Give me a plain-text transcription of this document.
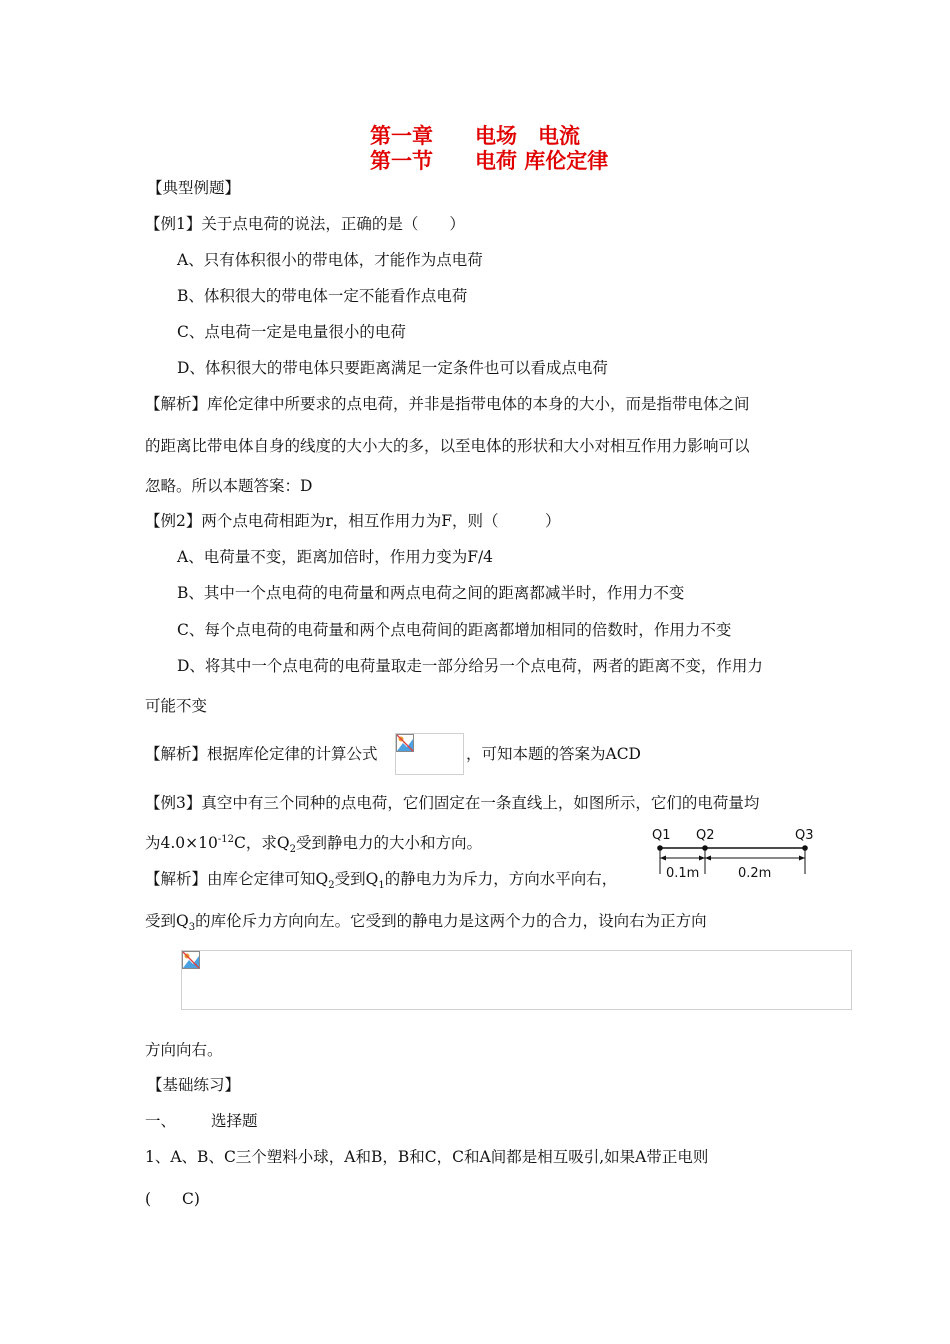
第一章　　电场　电流
第一节　　电荷 库伦定律
【典型例题】
【例1】关于点电荷的说法，正确的是（　　）
A、只有体积很小的带电体，才能作为点电荷
B、体积很大的带电体一定不能看作点电荷
C、点电荷一定是电量很小的电荷
D、体积很大的带电体只要距离满足一定条件也可以看成点电荷
【解析】库伦定律中所要求的点电荷，并非是指带电体的本身的大小，而是指带电体之间
的距离比带电体自身的线度的大小大的多，以至电体的形状和大小对相互作用力影响可以
忽略。所以本题答案：D
【例2】两个点电荷相距为r，相互作用力为F，则（　　　）
A、电荷量不变，距离加倍时，作用力变为F/4
B、其中一个点电荷的电荷量和两点电荷之间的距离都减半时，作用力不变
C、每个点电荷的电荷量和两个点电荷间的距离都增加相同的倍数时，作用力不变
D、将其中一个点电荷的电荷量取走一部分给另一个点电荷，两者的距离不变，作用力
可能不变
【解析】根据库伦定律的计算公式	，可知本题的答案为ACD
【例3】真空中有三个同种的点电荷，它们固定在一条直线上，如图所示，它们的电荷量均
为$4.0\times 10^{-12}C$，求$Q_2$受到静电力的大小和方向。	Q1 Q2	Q3
0.1m	0.2m
【解析】由库仑定律可知$Q_2$受到$Q_1$的静电力为斥力，方向水平向右，
受到$Q_3$的库伦斥力方向向左。它受到的静电力是这两个力的合力，设向右为正方向
方向向右。
【基础练习】
一、 选择题
1、A、B、C三个塑料小球，A和B，B和C，C和A间都是相互吸引,如果A带正电则
(　　C)
